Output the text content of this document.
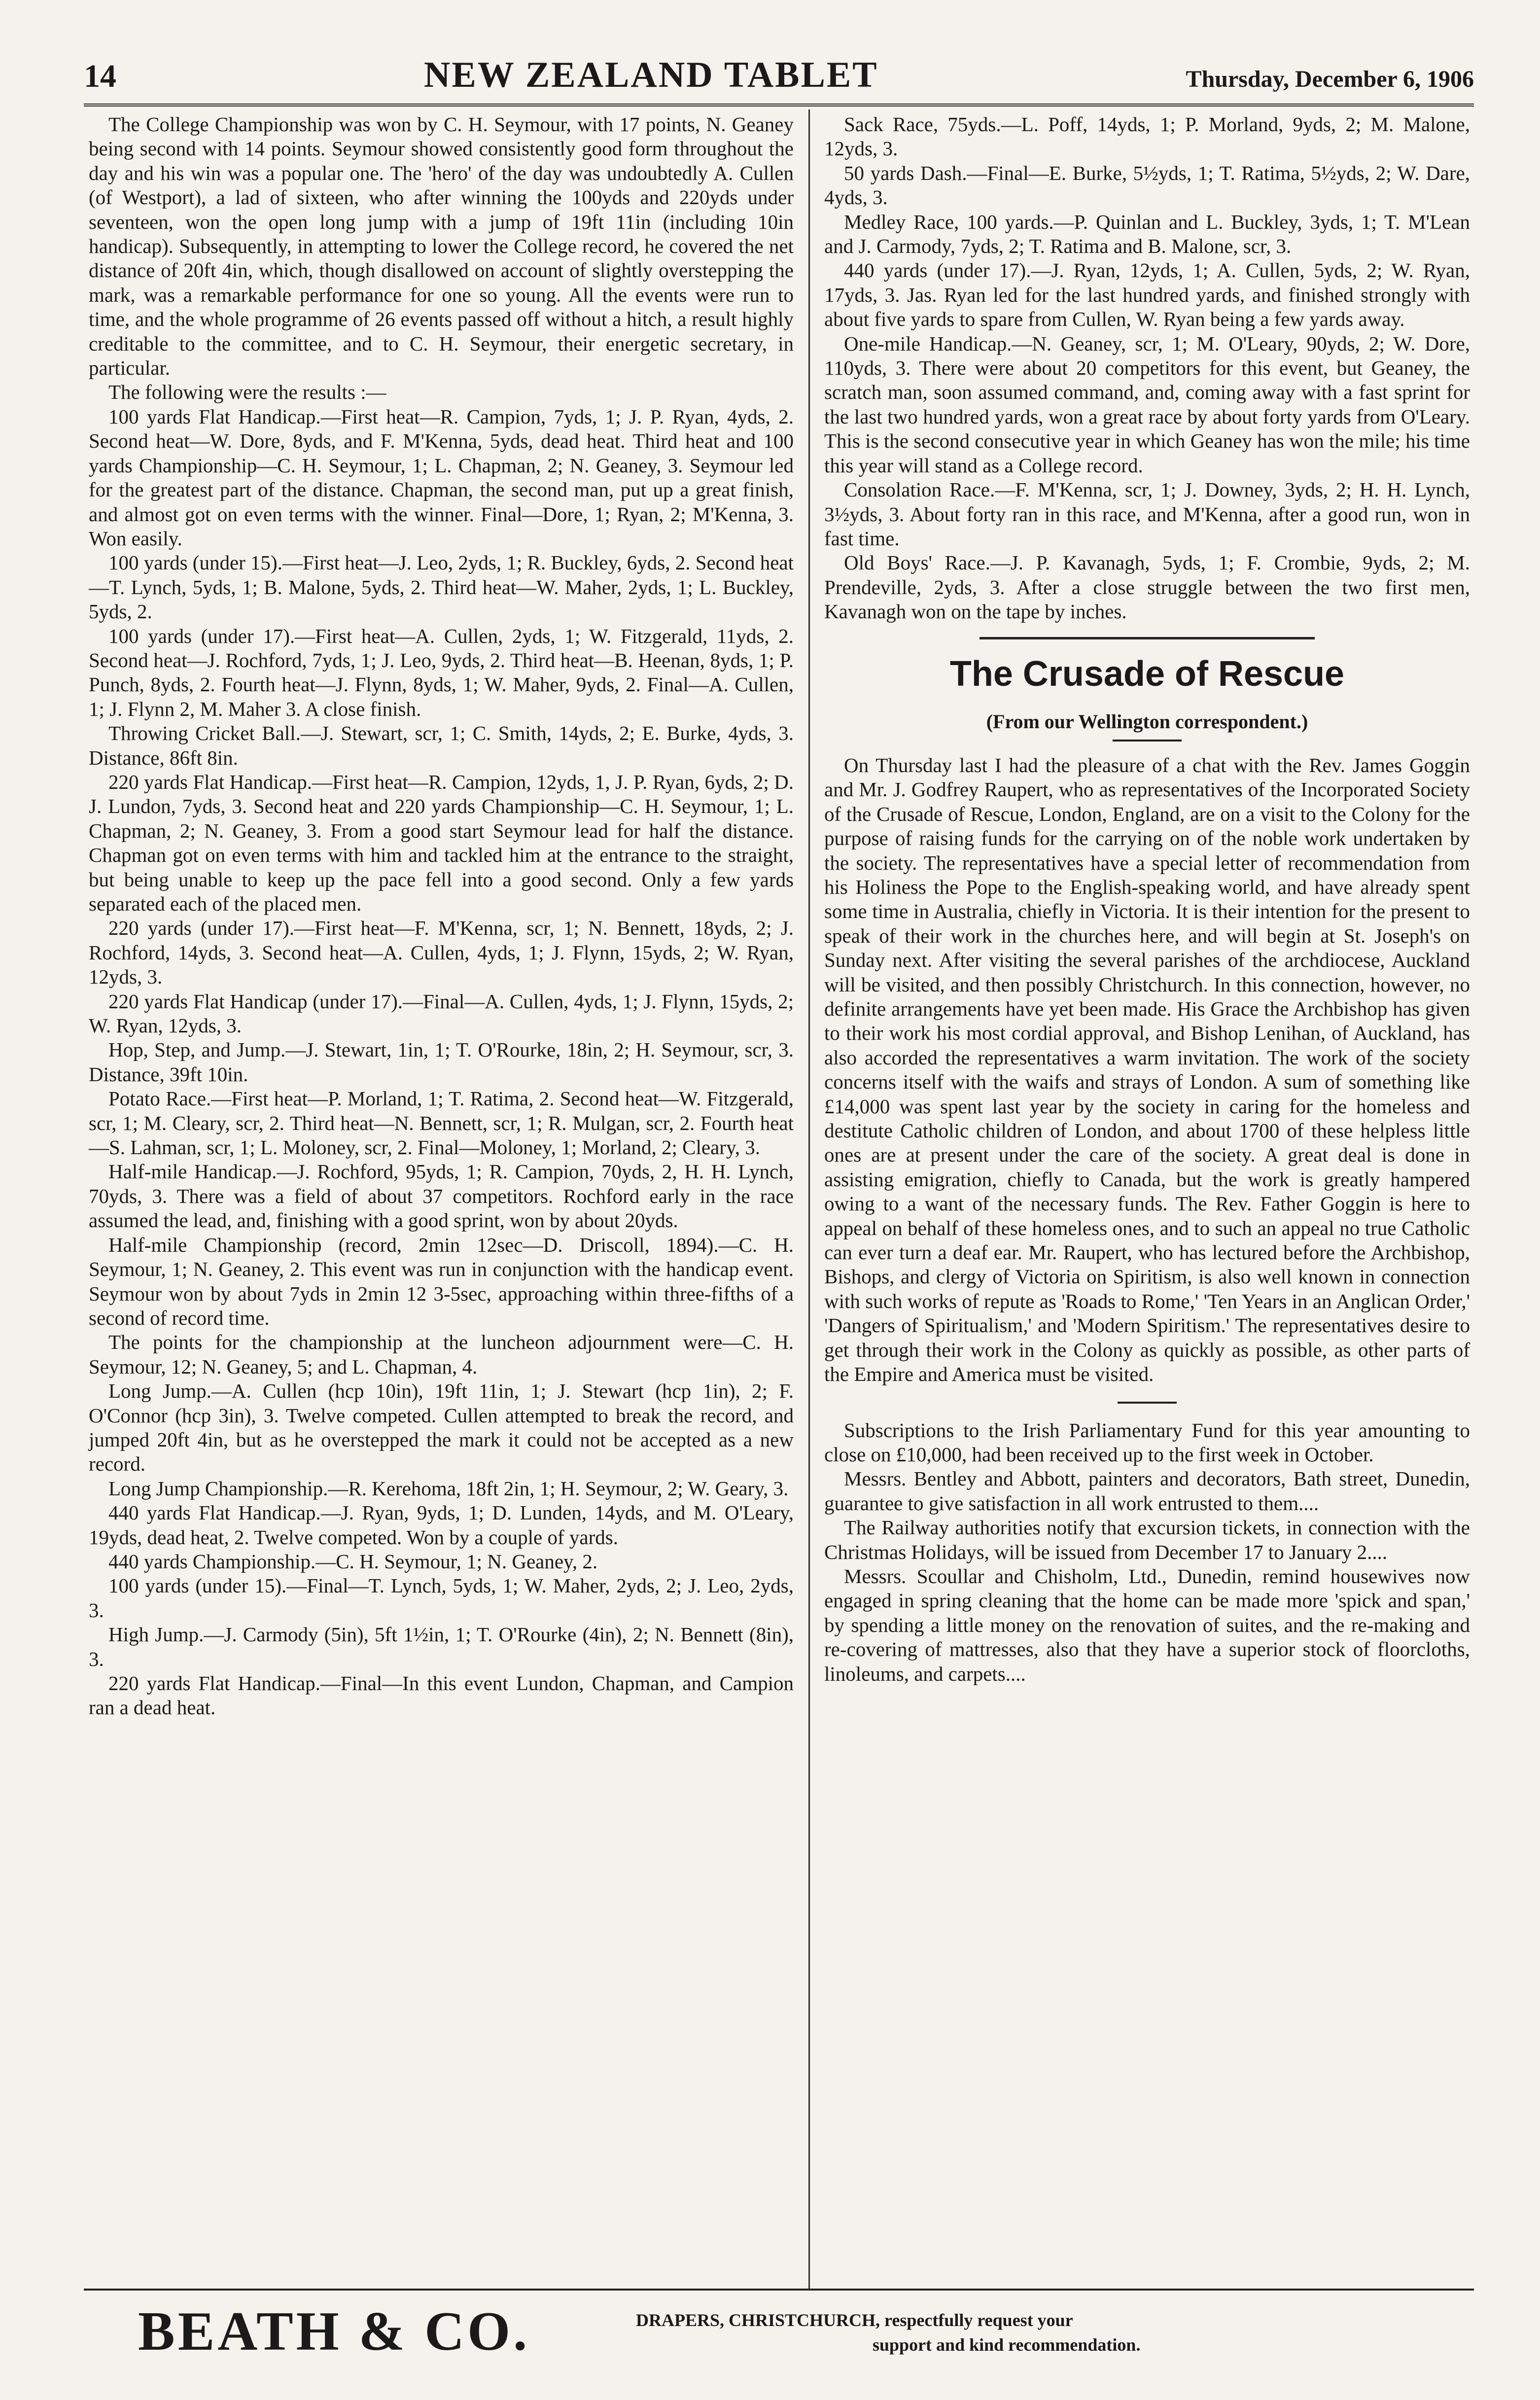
14	NEW ZEALAND TABLET	Thursday, December 6, 1906

The College Championship was won by C. H. Seymour, with 17 points, N. Geaney being second with 14 points. Seymour showed consistently good form throughout the day and his win was a popular one. The 'hero' of the day was undoubtedly A. Cullen (of Westport), a lad of sixteen, who after winning the 100yds and 220yds under seventeen, won the open long jump with a jump of 19ft 11in (including 10in handicap). Subsequently, in attempting to lower the College record, he covered the net distance of 20ft 4in, which, though disallowed on account of slightly overstepping the mark, was a remarkable performance for one so young. All the events were run to time, and the whole programme of 26 events passed off without a hitch, a result highly creditable to the committee, and to C. H. Seymour, their energetic secretary, in particular.

The following were the results :—

100 yards Flat Handicap.—First heat—R. Campion, 7yds, 1; J. P. Ryan, 4yds, 2. Second heat—W. Dore, 8yds, and F. M'Kenna, 5yds, dead heat. Third heat and 100 yards Championship—C. H. Seymour, 1; L. Chapman, 2; N. Geaney, 3. Seymour led for the greatest part of the distance. Chapman, the second man, put up a great finish, and almost got on even terms with the winner. Final—Dore, 1; Ryan, 2; M'Kenna, 3. Won easily.

100 yards (under 15).—First heat—J. Leo, 2yds, 1; R. Buckley, 6yds, 2. Second heat—T. Lynch, 5yds, 1; B. Malone, 5yds, 2. Third heat—W. Maher, 2yds, 1; L. Buckley, 5yds, 2.

100 yards (under 17).—First heat—A. Cullen, 2yds, 1; W. Fitzgerald, 11yds, 2. Second heat—J. Rochford, 7yds, 1; J. Leo, 9yds, 2. Third heat—B. Heenan, 8yds, 1; P. Punch, 8yds, 2. Fourth heat—J. Flynn, 8yds, 1; W. Maher, 9yds, 2. Final—A. Cullen, 1; J. Flynn 2, M. Maher 3. A close finish.

Throwing Cricket Ball.—J. Stewart, scr, 1; C. Smith, 14yds, 2; E. Burke, 4yds, 3. Distance, 86ft 8in.

220 yards Flat Handicap.—First heat—R. Campion, 12yds, 1, J. P. Ryan, 6yds, 2; D. J. Lundon, 7yds, 3. Second heat and 220 yards Championship—C. H. Seymour, 1; L. Chapman, 2; N. Geaney, 3. From a good start Seymour lead for half the distance. Chapman got on even terms with him and tackled him at the entrance to the straight, but being unable to keep up the pace fell into a good second. Only a few yards separated each of the placed men.

220 yards (under 17).—First heat—F. M'Kenna, scr, 1; N. Bennett, 18yds, 2; J. Rochford, 14yds, 3. Second heat—A. Cullen, 4yds, 1; J. Flynn, 15yds, 2; W. Ryan, 12yds, 3.

220 yards Flat Handicap (under 17).—Final—A. Cullen, 4yds, 1; J. Flynn, 15yds, 2; W. Ryan, 12yds, 3.

Hop, Step, and Jump.—J. Stewart, 1in, 1; T. O'Rourke, 18in, 2; H. Seymour, scr, 3. Distance, 39ft 10in.

Potato Race.—First heat—P. Morland, 1; T. Ratima, 2. Second heat—W. Fitzgerald, scr, 1; M. Cleary, scr, 2. Third heat—N. Bennett, scr, 1; R. Mulgan, scr, 2. Fourth heat—S. Lahman, scr, 1; L. Moloney, scr, 2. Final—Moloney, 1; Morland, 2; Cleary, 3.

Half-mile Handicap.—J. Rochford, 95yds, 1; R. Campion, 70yds, 2, H. H. Lynch, 70yds, 3. There was a field of about 37 competitors. Rochford early in the race assumed the lead, and, finishing with a good sprint, won by about 20yds.

Half-mile Championship (record, 2min 12sec—D. Driscoll, 1894).—C. H. Seymour, 1; N. Geaney, 2. This event was run in conjunction with the handicap event. Seymour won by about 7yds in 2min 12 3-5sec, approaching within three-fifths of a second of record time.

The points for the championship at the luncheon adjournment were—C. H. Seymour, 12; N. Geaney, 5; and L. Chapman, 4.

Long Jump.—A. Cullen (hcp 10in), 19ft 11in, 1; J. Stewart (hcp 1in), 2; F. O'Connor (hcp 3in), 3. Twelve competed. Cullen attempted to break the record, and jumped 20ft 4in, but as he overstepped the mark it could not be accepted as a new record.

Long Jump Championship.—R. Kerehoma, 18ft 2in, 1; H. Seymour, 2; W. Geary, 3.

440 yards Flat Handicap.—J. Ryan, 9yds, 1; D. Lunden, 14yds, and M. O'Leary, 19yds, dead heat, 2. Twelve competed. Won by a couple of yards.

440 yards Championship.—C. H. Seymour, 1; N. Geaney, 2.

100 yards (under 15).—Final—T. Lynch, 5yds, 1; W. Maher, 2yds, 2; J. Leo, 2yds, 3.

High Jump.—J. Carmody (5in), 5ft 1½in, 1; T. O'Rourke (4in), 2; N. Bennett (8in), 3.

220 yards Flat Handicap.—Final—In this event Lundon, Chapman, and Campion ran a dead heat.

Sack Race, 75yds.—L. Poff, 14yds, 1; P. Morland, 9yds, 2; M. Malone, 12yds, 3.

50 yards Dash.—Final—E. Burke, 5½yds, 1; T. Ratima, 5½yds, 2; W. Dare, 4yds, 3.

Medley Race, 100 yards.—P. Quinlan and L. Buckley, 3yds, 1; T. M'Lean and J. Carmody, 7yds, 2; T. Ratima and B. Malone, scr, 3.

440 yards (under 17).—J. Ryan, 12yds, 1; A. Cullen, 5yds, 2; W. Ryan, 17yds, 3. Jas. Ryan led for the last hundred yards, and finished strongly with about five yards to spare from Cullen, W. Ryan being a few yards away.

One-mile Handicap.—N. Geaney, scr, 1; M. O'Leary, 90yds, 2; W. Dore, 110yds, 3. There were about 20 competitors for this event, but Geaney, the scratch man, soon assumed command, and, coming away with a fast sprint for the last two hundred yards, won a great race by about forty yards from O'Leary. This is the second consecutive year in which Geaney has won the mile; his time this year will stand as a College record.

Consolation Race.—F. M'Kenna, scr, 1; J. Downey, 3yds, 2; H. H. Lynch, 3½yds, 3. About forty ran in this race, and M'Kenna, after a good run, won in fast time.

Old Boys' Race.—J. P. Kavanagh, 5yds, 1; F. Crombie, 9yds, 2; M. Prendeville, 2yds, 3. After a close struggle between the two first men, Kavanagh won on the tape by inches.

The Crusade of Rescue
(From our Wellington correspondent.)

On Thursday last I had the pleasure of a chat with the Rev. James Goggin and Mr. J. Godfrey Raupert, who as representatives of the Incorporated Society of the Crusade of Rescue, London, England, are on a visit to the Colony for the purpose of raising funds for the carrying on of the noble work undertaken by the society. The representatives have a special letter of recommendation from his Holiness the Pope to the English-speaking world, and have already spent some time in Australia, chiefly in Victoria. It is their intention for the present to speak of their work in the churches here, and will begin at St. Joseph's on Sunday next. After visiting the several parishes of the archdiocese, Auckland will be visited, and then possibly Christchurch. In this connection, however, no definite arrangements have yet been made. His Grace the Archbishop has given to their work his most cordial approval, and Bishop Lenihan, of Auckland, has also accorded the representatives a warm invitation. The work of the society concerns itself with the waifs and strays of London. A sum of something like £14,000 was spent last year by the society in caring for the homeless and destitute Catholic children of London, and about 1700 of these helpless little ones are at present under the care of the society. A great deal is done in assisting emigration, chiefly to Canada, but the work is greatly hampered owing to a want of the necessary funds. The Rev. Father Goggin is here to appeal on behalf of these homeless ones, and to such an appeal no true Catholic can ever turn a deaf ear. Mr. Raupert, who has lectured before the Archbishop, Bishops, and clergy of Victoria on Spiritism, is also well known in connection with such works of repute as 'Roads to Rome,' 'Ten Years in an Anglican Order,' 'Dangers of Spiritualism,' and 'Modern Spiritism.' The representatives desire to get through their work in the Colony as quickly as possible, as other parts of the Empire and America must be visited.

Subscriptions to the Irish Parliamentary Fund for this year amounting to close on £10,000, had been received up to the first week in October.

Messrs. Bentley and Abbott, painters and decorators, Bath street, Dunedin, guarantee to give satisfaction in all work entrusted to them....

The Railway authorities notify that excursion tickets, in connection with the Christmas Holidays, will be issued from December 17 to January 2....

Messrs. Scoullar and Chisholm, Ltd., Dunedin, remind housewives now engaged in spring cleaning that the home can be made more 'spick and span,' by spending a little money on the renovation of suites, and the re-making and re-covering of mattresses, also that they have a superior stock of floorcloths, linoleums, and carpets....

BEATH & CO.	DRAPERS, CHRISTCHURCH, respectfully request your
support and kind recommendation.
